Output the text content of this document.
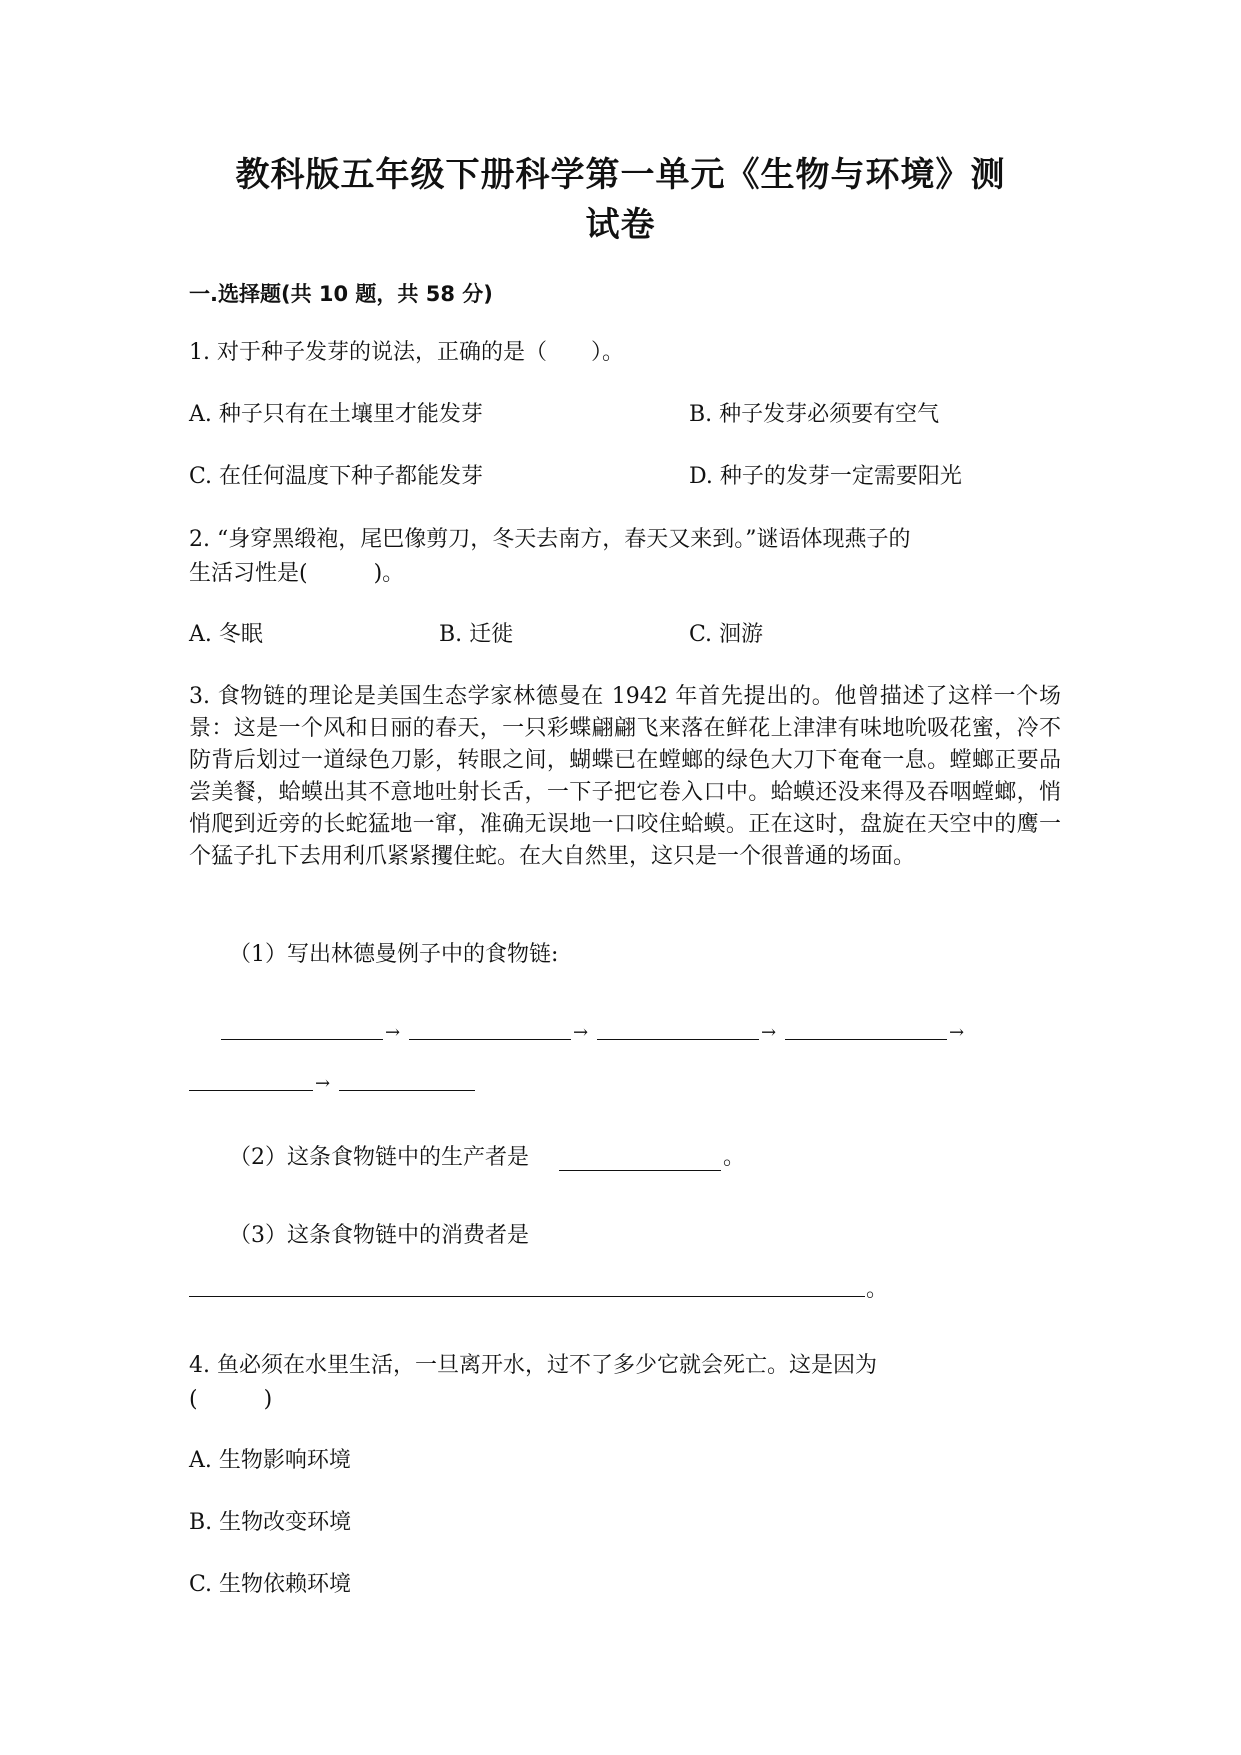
教科版五年级下册科学第一单元《生物与环境》测
试卷
一.选择题(共 10 题，共 58 分)
1. 对于种子发芽的说法，正确的是（　　）。
A. 种子只有在土壤里才能发芽	B. 种子发芽必须要有空气
C. 在任何温度下种子都能发芽	D. 种子的发芽一定需要阳光
2. “身穿黑缎袍，尾巴像剪刀，冬天去南方，春天又来到。”谜语体现燕子的
生活习性是(　　　)。
A. 冬眠	B. 迁徙	C. 洄游
3. 食物链的理论是美国生态学家林德曼在 1942 年首先提出的。他曾描述了这样一个场景：这是一个风和日丽的春天，一只彩蝶翩翩飞来落在鲜花上津津有味地吮吸花蜜，冷不防背后划过一道绿色刀影，转眼之间，蝴蝶已在螳螂的绿色大刀下奄奄一息。螳螂正要品尝美餐，蛤蟆出其不意地吐射长舌，一下子把它卷入口中。蛤蟆还没来得及吞咽螳螂，悄悄爬到近旁的长蛇猛地一窜，准确无误地一口咬住蛤蟆。正在这时，盘旋在天空中的鹰一个猛子扎下去用利爪紧紧攫住蛇。在大自然里，这只是一个很普通的场面。
（1）写出林德曼例子中的食物链:
→	→	→	→
→
（2）这条食物链中的生产者是	。
（3）这条食物链中的消费者是
。
4. 鱼必须在水里生活，一旦离开水，过不了多少它就会死亡。这是因为
(　　　)
A. 生物影响环境
B. 生物改变环境
C. 生物依赖环境
